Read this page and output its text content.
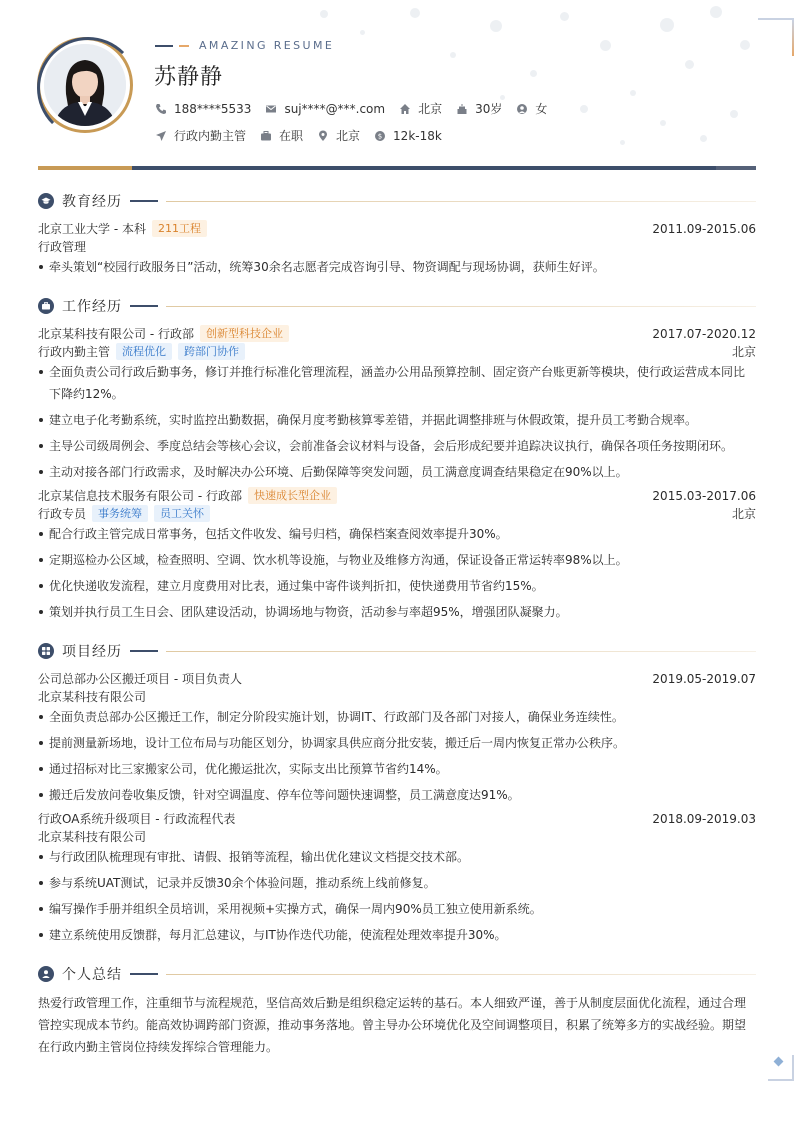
AMAZING RESUME
苏静静
188****5533	suj****@***.com	北京	30岁	女
行政内勤主管	在职	北京	$ 12k-18k
教育经历
北京工业大学 - 本科	211工程	2011.09-2015.06
行政管理
牵头策划“校园行政服务日”活动，统筹30余名志愿者完成咨询引导、物资调配与现场协调，获师生好评。
工作经历
北京某科技有限公司 - 行政部	创新型科技企业	2017.07-2020.12
行政内勤主管	流程优化	跨部门协作	北京
全面负责公司行政后勤事务，修订并推行标准化管理流程，涵盖办公用品预算控制、固定资产台账更新等模块，使行政运营成本同比下降约12%。
建立电子化考勤系统，实时监控出勤数据，确保月度考勤核算零差错，并据此调整排班与休假政策，提升员工考勤合规率。
主导公司级周例会、季度总结会等核心会议，会前准备会议材料与设备，会后形成纪要并追踪决议执行，确保各项任务按期闭环。
主动对接各部门行政需求，及时解决办公环境、后勤保障等突发问题，员工满意度调查结果稳定在90%以上。
北京某信息技术服务有限公司 - 行政部	快速成长型企业	2015.03-2017.06
行政专员	事务统筹	员工关怀	北京
配合行政主管完成日常事务，包括文件收发、编号归档，确保档案查阅效率提升30%。
定期巡检办公区域，检查照明、空调、饮水机等设施，与物业及维修方沟通，保证设备正常运转率98%以上。
优化快递收发流程，建立月度费用对比表，通过集中寄件谈判折扣，使快递费用节省约15%。
策划并执行员工生日会、团队建设活动，协调场地与物资，活动参与率超95%，增强团队凝聚力。
项目经历
公司总部办公区搬迁项目 - 项目负责人	2019.05-2019.07
北京某科技有限公司
全面负责总部办公区搬迁工作，制定分阶段实施计划，协调IT、行政部门及各部门对接人，确保业务连续性。
提前测量新场地，设计工位布局与功能区划分，协调家具供应商分批安装，搬迁后一周内恢复正常办公秩序。
通过招标对比三家搬家公司，优化搬运批次，实际支出比预算节省约14%。
搬迁后发放问卷收集反馈，针对空调温度、停车位等问题快速调整，员工满意度达91%。
行政OA系统升级项目 - 行政流程代表	2018.09-2019.03
北京某科技有限公司
与行政团队梳理现有审批、请假、报销等流程，输出优化建议文档提交技术部。
参与系统UAT测试，记录并反馈30余个体验问题，推动系统上线前修复。
编写操作手册并组织全员培训，采用视频+实操方式，确保一周内90%员工独立使用新系统。
建立系统使用反馈群，每月汇总建议，与IT协作迭代功能，使流程处理效率提升30%。
个人总结

热爱行政管理工作，注重细节与流程规范，坚信高效后勤是组织稳定运转的基石。本人细致严谨，善于从制度层面优化流程，通过合理管控实现成本节约。能高效协调跨部门资源，推动事务落地。曾主导办公环境优化及空间调整项目，积累了统筹多方的实战经验。期望在行政内勤主管岗位持续发挥综合管理能力。
